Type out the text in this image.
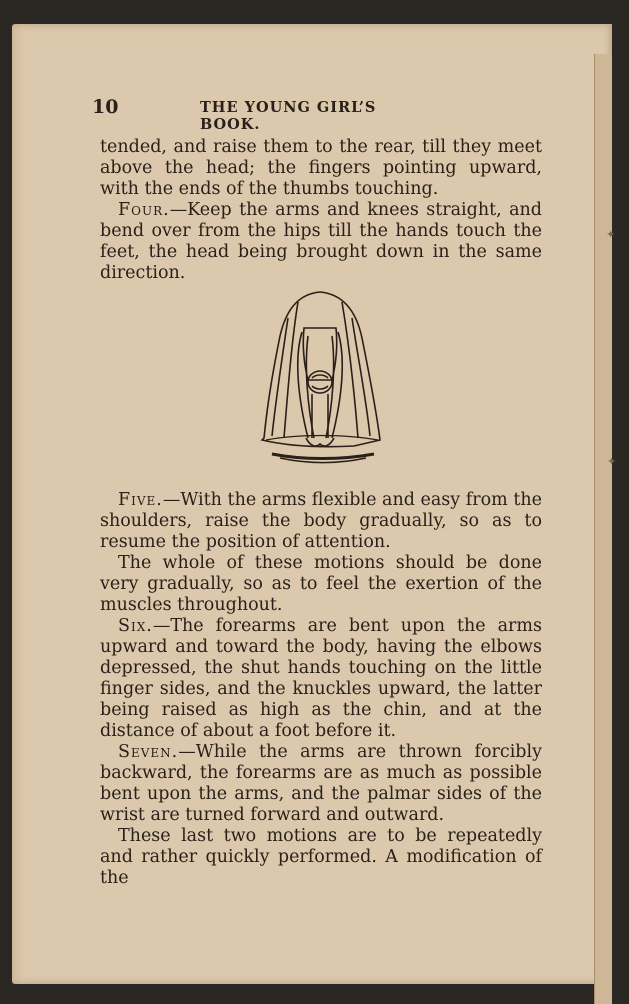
10	THE YOUNG GIRL’S BOOK.

tended, and raise them to the rear, till they meet above the head; the fingers pointing upward, with the ends of the thumbs touching.

Four.—Keep the arms and knees straight, and bend over from the hips till the hands touch the feet, the head being brought down in the same direction.

Five.—With the arms flexible and easy from the shoulders, raise the body gradually, so as to resume the position of attention.

The whole of these motions should be done very gradually, so as to feel the exertion of the muscles throughout.

Six.—The forearms are bent upon the arms upward and toward the body, having the elbows depressed, the shut hands touching on the little finger sides, and the knuckles upward, the latter being raised as high as the chin, and at the distance of about a foot before it.

Seven.—While the arms are thrown forcibly backward, the forearms are as much as possible bent upon the arms, and the palmar sides of the wrist are turned forward and outward.

These last two motions are to be repeatedly and rather quickly performed. A modification of the

✦
✦
